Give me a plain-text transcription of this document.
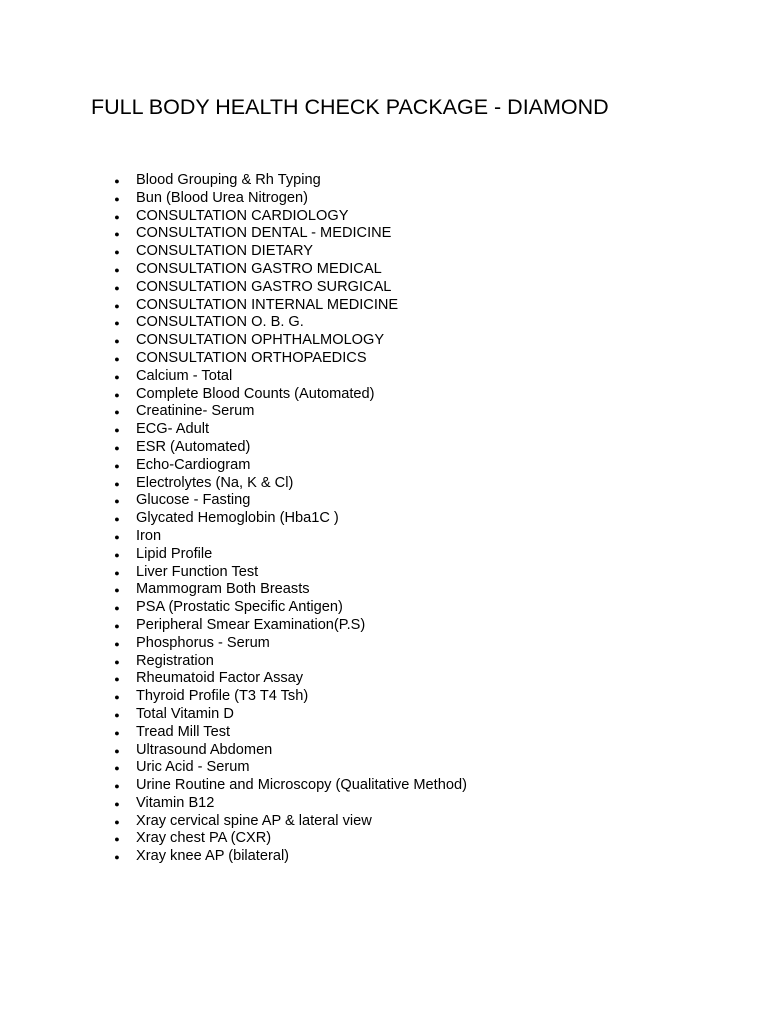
FULL BODY HEALTH CHECK PACKAGE - DIAMOND
● Blood Grouping & Rh Typing
● Bun (Blood Urea Nitrogen)
● CONSULTATION CARDIOLOGY
● CONSULTATION DENTAL - MEDICINE
● CONSULTATION DIETARY
● CONSULTATION GASTRO MEDICAL
● CONSULTATION GASTRO SURGICAL
● CONSULTATION INTERNAL MEDICINE
● CONSULTATION O. B. G.
● CONSULTATION OPHTHALMOLOGY
● CONSULTATION ORTHOPAEDICS
● Calcium - Total
● Complete Blood Counts (Automated)
● Creatinine- Serum
● ECG- Adult
● ESR (Automated)
● Echo-Cardiogram
● Electrolytes (Na, K & Cl)
● Glucose - Fasting
● Glycated Hemoglobin (Hba1C )
● Iron
● Lipid Profile
● Liver Function Test
● Mammogram Both Breasts
● PSA (Prostatic Specific Antigen)
● Peripheral Smear Examination(P.S)
● Phosphorus - Serum
● Registration
● Rheumatoid Factor Assay
● Thyroid Profile (T3 T4 Tsh)
● Total Vitamin D
● Tread Mill Test
● Ultrasound Abdomen
● Uric Acid - Serum
● Urine Routine and Microscopy (Qualitative Method)
● Vitamin B12
● Xray cervical spine AP & lateral view
● Xray chest PA (CXR)
● Xray knee AP (bilateral)
